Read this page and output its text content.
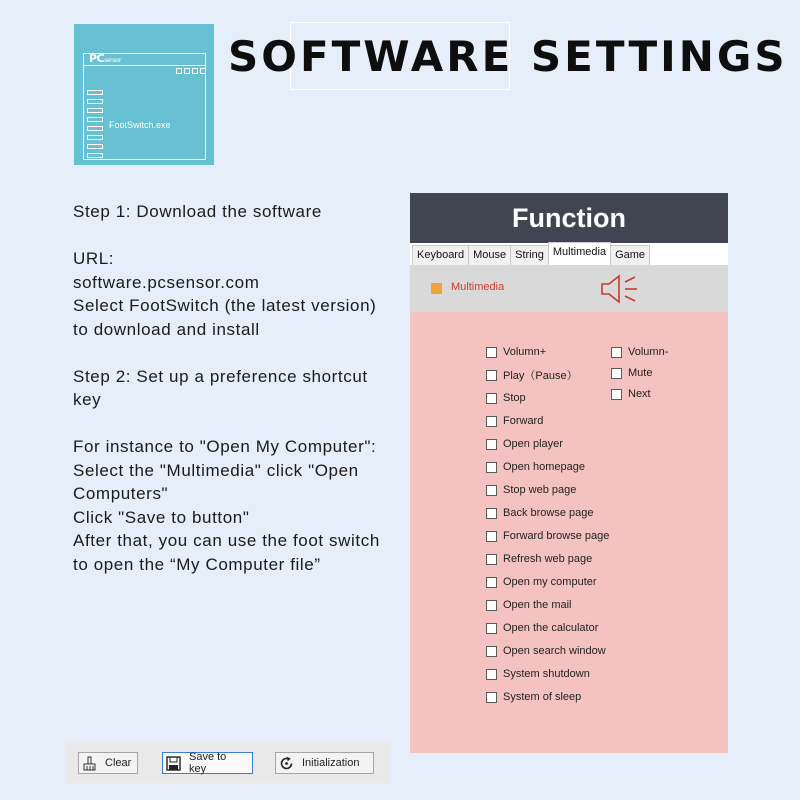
PCsensor
FootSwitch.exe
SOFTWARE SETTINGS

Step 1: Download the software

URL:
software.pcsensor.com
Select FootSwitch (the latest version) to download and install

Step 2: Set up a preference shortcut key

For instance to "Open My Computer":
Select the "Multimedia" click "Open Computers"
Click "Save to button"
After that, you can use the foot switch to open the “My Computer file”

Function
Keyboard Mouse String Multimedia Game
Multimedia
Volumn+
Play（Pause）
Stop
Forward
Open player
Open homepage
Stop web page
Back browse page
Forward browse page
Refresh web page
Open my computer
Open the mail
Open the calculator
Open search window
System shutdown
System of sleep
Volumn-
Mute
Next
Clear	Save to key	Initialization
